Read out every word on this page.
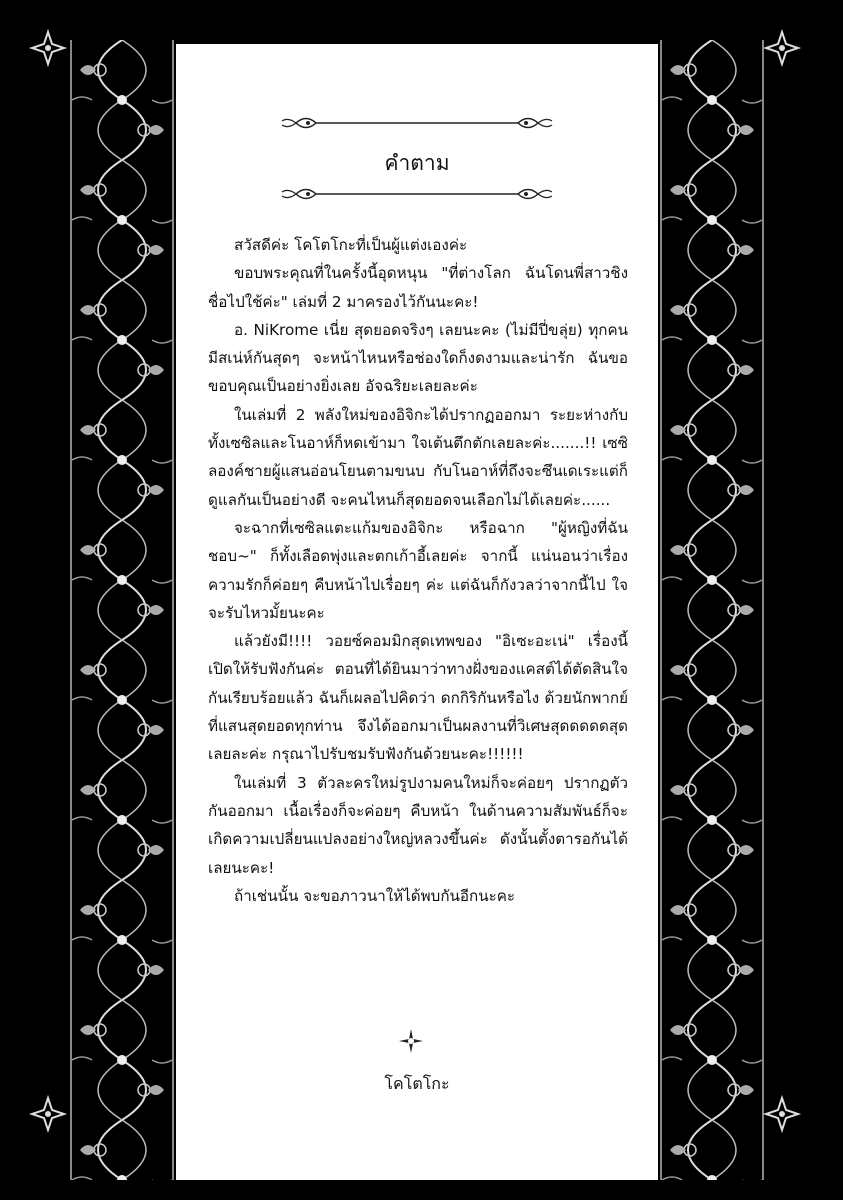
คำตาม

สวัสดีค่ะ โคโตโกะที่เป็นผู้แต่งเองค่ะ

ขอบพระคุณที่ในครั้งนี้อุดหนุน "ที่ต่างโลก ฉันโดนพี่สาวชิงชื่อไปใช้ค่ะ" เล่มที่ 2 มาครองไว้กันนะคะ!

อ. NiKrome เนี่ย สุดยอดจริงๆ เลยนะคะ (ไม่มีปี่ขลุ่ย) ทุกคนมีสเน่ห์กันสุดๆ จะหน้าไหนหรือช่องใดก็งดงามและน่ารัก ฉันขอขอบคุณเป็นอย่างยิ่งเลย อัจฉริยะเลยละค่ะ

ในเล่มที่ 2 พลังใหม่ของอิจิกะได้ปรากฏออกมา ระยะห่างกับทั้งเซซิลและโนอาห์ก็หดเข้ามา ใจเต้นตึกตักเลยละค่ะ.......!! เซซิลองค์ชายผู้แสนอ่อนโยนตามขนบ กับโนอาห์ที่ถึงจะซึนเดเระแต่ก็ดูแลกันเป็นอย่างดี จะคนไหนก็สุดยอดจนเลือกไม่ได้เลยค่ะ......

จะฉากที่เซซิลแตะแก้มของอิจิกะ หรือฉาก "ผู้หญิงที่ฉันชอบ~" ก็ทั้งเลือดพุ่งและตกเก้าอี้เลยค่ะ จากนี้ แน่นอนว่าเรื่องความรักก็ค่อยๆ คืบหน้าไปเรื่อยๆ ค่ะ แต่ฉันก็กังวลว่าจากนี้ไป ใจจะรับไหวมั้ยนะคะ

แล้วยังมี!!!! วอยซ์คอมมิกสุดเทพของ "อิเซะอะเน่" เรื่องนี้ เปิดให้รับฟังกันค่ะ ตอนที่ได้ยินมาว่าทางฝั่งของแคสต์ได้ตัดสินใจกันเรียบร้อยแล้ว ฉันก็เผลอไปคิดว่า ดกกิริกันหรือไง ด้วยนักพากย์ที่แสนสุดยอดทุกท่าน จึงได้ออกมาเป็นผลงานที่วิเศษสุดดดดดสุดเลยละค่ะ กรุณาไปรับชมรับฟังกันด้วยนะคะ!!!!!!

ในเล่มที่ 3 ตัวละครใหม่รูปงามคนใหม่ก็จะค่อยๆ ปรากฏตัวกันออกมา เนื้อเรื่องก็จะค่อยๆ คืบหน้า ในด้านความสัมพันธ์ก็จะเกิดความเปลี่ยนแปลงอย่างใหญ่หลวงขึ้นค่ะ ดังนั้นตั้งตารอกันได้เลยนะคะ!

ถ้าเช่นนั้น จะขอภาวนาให้ได้พบกันอีกนะคะ

โคโตโกะ
